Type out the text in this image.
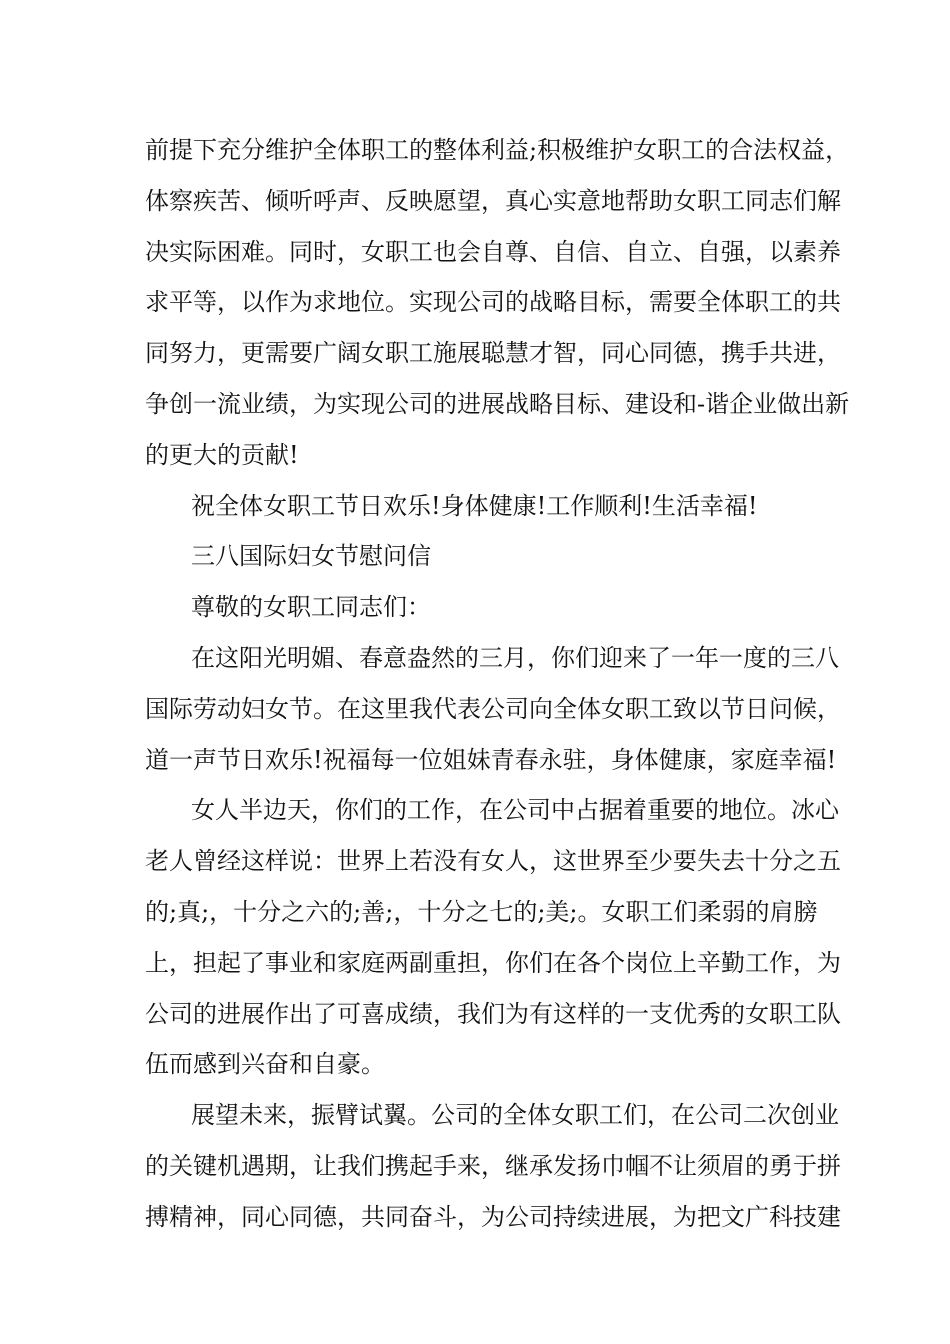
前提下充分维护全体职工的整体利益;积极维护女职工的合法权益，
体察疾苦、倾听呼声、反映愿望，真心实意地帮助女职工同志们解
决实际困难。同时，女职工也会自尊、自信、自立、自强，以素养
求平等，以作为求地位。实现公司的战略目标，需要全体职工的共
同努力，更需要广阔女职工施展聪慧才智，同心同德，携手共进，
争创一流业绩，为实现公司的进展战略目标、建设和-谐企业做出新
的更大的贡献!
祝全体女职工节日欢乐!身体健康!工作顺利!生活幸福!
三八国际妇女节慰问信
尊敬的女职工同志们：
在这阳光明媚、春意盎然的三月，你们迎来了一年一度的三八
国际劳动妇女节。在这里我代表公司向全体女职工致以节日问候，
道一声节日欢乐!祝福每一位姐妹青春永驻，身体健康，家庭幸福!
女人半边天，你们的工作，在公司中占据着重要的地位。冰心
老人曾经这样说：世界上若没有女人，这世界至少要失去十分之五
的;真;，十分之六的;善;，十分之七的;美;。女职工们柔弱的肩膀
上，担起了事业和家庭两副重担，你们在各个岗位上辛勤工作，为
公司的进展作出了可喜成绩，我们为有这样的一支优秀的女职工队
伍而感到兴奋和自豪。
展望未来，振臂试翼。公司的全体女职工们，在公司二次创业
的关键机遇期，让我们携起手来，继承发扬巾帼不让须眉的勇于拼
搏精神，同心同德，共同奋斗，为公司持续进展，为把文广科技建
